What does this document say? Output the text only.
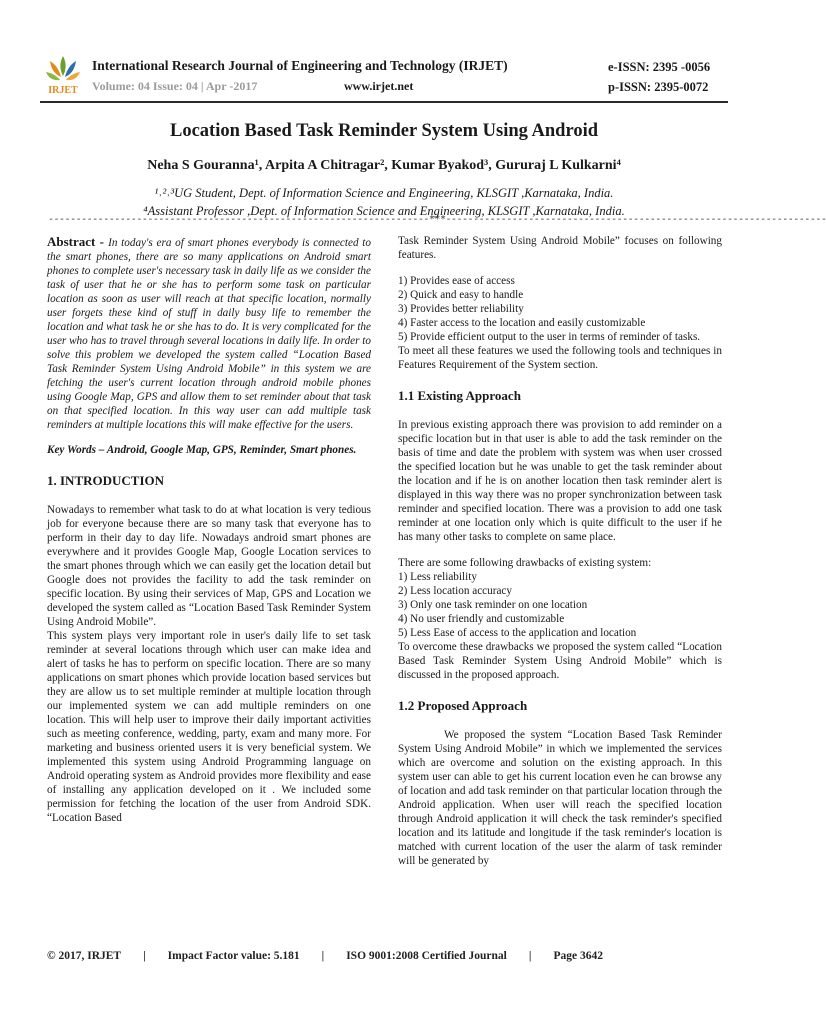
IRJET
International Research Journal of Engineering and Technology (IRJET)
Volume: 04 Issue: 04 | Apr -2017	www.irjet.net
e-ISSN: 2395 -0056
p-ISSN: 2395-0072
Location Based Task Reminder System Using Android
Neha S Gouranna¹, Arpita A Chitragar², Kumar Byakod³, Gururaj L Kulkarni⁴
¹˒²˒³UG Student, Dept. of Information Science and Engineering, KLSGIT ,Karnataka, India.
⁴Assistant Professor ,Dept. of Information Science and Engineering, KLSGIT ,Karnataka, India.
---------------------------------------------------------------------***---------------------------------------------------------------------

Abstract - In today's era of smart phones everybody is connected to the smart phones, there are so many applications on Android smart phones to complete user's necessary task in daily life as we consider the task of user that he or she has to perform some task on particular location as soon as user will reach at that specific location, normally user forgets these kind of stuff in daily busy life to remember the location and what task he or she has to do. It is very complicated for the user who has to travel through several locations in daily life. In order to solve this problem we developed the system called “Location Based Task Reminder System Using Android Mobile” in this system we are fetching the user's current location through android mobile phones using Google Map, GPS and allow them to set reminder about that task on that specified location. In this way user can add multiple task reminders at multiple locations this will make effective for the users.

Key Words – Android, Google Map, GPS, Reminder, Smart phones.

1. INTRODUCTION

Nowadays to remember what task to do at what location is very tedious job for everyone because there are so many task that everyone has to perform in their day to day life. Nowadays android smart phones are everywhere and it provides Google Map, Google Location services to the smart phones through which we can easily get the location detail but Google does not provides the facility to add the task reminder on specific location. By using their services of Map, GPS and Location we developed the system called as “Location Based Task Reminder System Using Android Mobile”.

This system plays very important role in user's daily life to set task reminder at several locations through which user can make idea and alert of tasks he has to perform on specific location. There are so many applications on smart phones which provide location based services but they are allow us to set multiple reminder at multiple location through our implemented system we can add multiple reminders on one location. This will help user to improve their daily important activities such as meeting conference, wedding, party, exam and many more. For marketing and business oriented users it is very beneficial system. We implemented this system using Android Programming language on Android operating system as Android provides more flexibility and ease of installing any application developed on it . We included some permission for fetching the location of the user from Android SDK. “Location Based

Task Reminder System Using Android Mobile” focuses on following features.

1) Provides ease of access

2) Quick and easy to handle

3) Provides better reliability

4) Faster access to the location and easily customizable

5) Provide efficient output to the user in terms of reminder of tasks.

To meet all these features we used the following tools and techniques in Features Requirement of the System section.

1.1 Existing Approach

In previous existing approach there was provision to add reminder on a specific location but in that user is able to add the task reminder on the basis of time and date the problem with system was when user crossed the specified location but he was unable to get the task reminder about the location and if he is on another location then task reminder alert is displayed in this way there was no proper synchronization between task reminder and specified location. There was a provision to add one task reminder at one location only which is quite difficult to the user if he has many other tasks to complete on same place.

There are some following drawbacks of existing system:

1) Less reliability

2) Less location accuracy

3) Only one task reminder on one location

4) No user friendly and customizable

5) Less Ease of access to the application and location

To overcome these drawbacks we proposed the system called “Location Based Task Reminder System Using Android Mobile” which is discussed in the proposed approach.

1.2 Proposed Approach

We proposed the system “Location Based Task Reminder System Using Android Mobile” in which we implemented the services which are overcome and solution on the existing approach. In this system user can able to get his current location even he can browse any of location and add task reminder on that particular location through the Android application. When user will reach the specified location through Android application it will check the task reminder's specified location and its latitude and longitude if the task reminder's location is matched with current location of the user the alarm of task reminder will be generated by

© 2017, IRJET | Impact Factor value: 5.181 | ISO 9001:2008 Certified Journal | Page 3642
